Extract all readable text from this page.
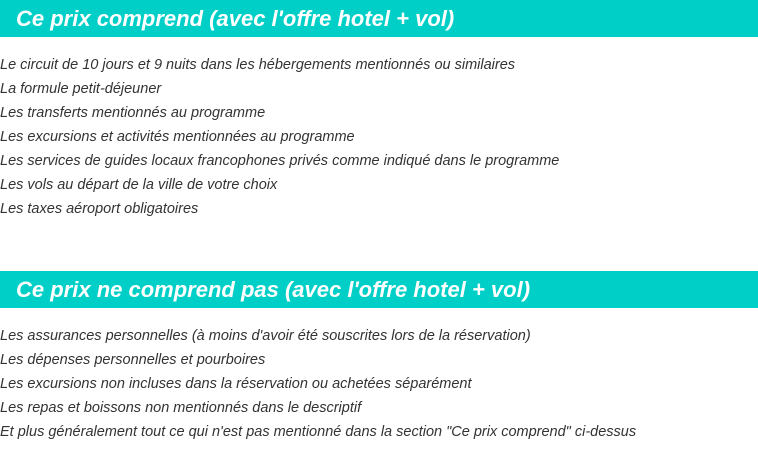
Ce prix comprend (avec l'offre hotel + vol)
Le circuit de 10 jours et 9 nuits dans les hébergements mentionnés ou similaires
La formule petit-déjeuner
Les transferts mentionnés au programme
Les excursions et activités mentionnées au programme
Les services de guides locaux francophones privés comme indiqué dans le programme
Les vols au départ de la ville de votre choix
Les taxes aéroport obligatoires
Ce prix ne comprend pas (avec l'offre hotel + vol)
Les assurances personnelles (à moins d'avoir été souscrites lors de la réservation)
Les dépenses personnelles et pourboires
Les excursions non incluses dans la réservation ou achetées séparément
Les repas et boissons non mentionnés dans le descriptif
Et plus généralement tout ce qui n'est pas mentionné dans la section "Ce prix comprend" ci-dessus
